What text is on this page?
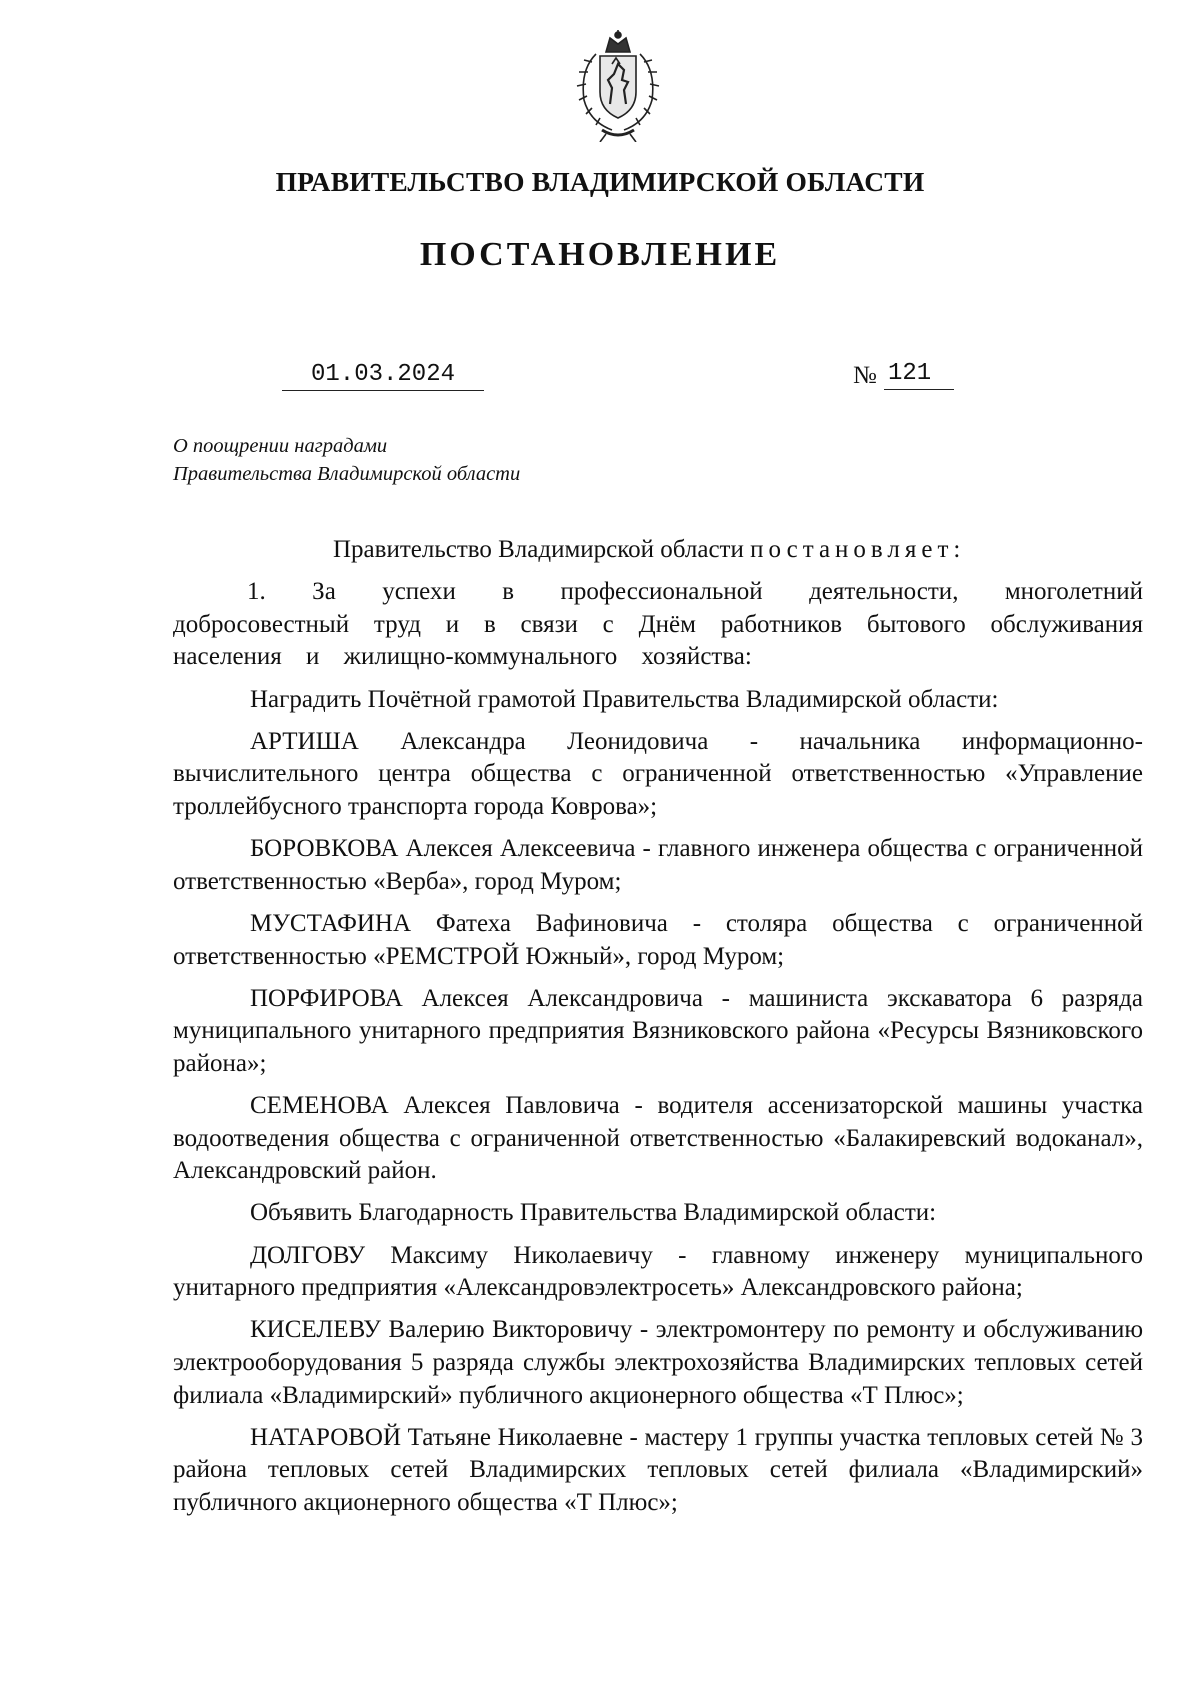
ПРАВИТЕЛЬСТВО ВЛАДИМИРСКОЙ ОБЛАСТИ
ПОСТАНОВЛЕНИЕ
01.03.2024	№ 121
О поощрении наградами
Правительства Владимирской области

Правительство Владимирской области постановляет:

1. За успехи в профессиональной деятельности, многолетний добросовестный труд и в связи с Днём работников бытового обслуживания населения и жилищно-коммунального хозяйства:

Наградить Почётной грамотой Правительства Владимирской области:

АРТИША Александра Леонидовича - начальника информационно-вычислительного центра общества с ограниченной ответственностью «Управление троллейбусного транспорта города Коврова»;

БОРОВКОВА Алексея Алексеевича - главного инженера общества с ограниченной ответственностью «Верба», город Муром;

МУСТАФИНА Фатеха Вафиновича - столяра общества с ограниченной ответственностью «РЕМСТРОЙ Южный», город Муром;

ПОРФИРОВА Алексея Александровича - машиниста экскаватора 6 разряда муниципального унитарного предприятия Вязниковского района «Ресурсы Вязниковского района»;

СЕМЕНОВА Алексея Павловича - водителя ассенизаторской машины участка водоотведения общества с ограниченной ответственностью «Балакиревский водоканал», Александровский район.

Объявить Благодарность Правительства Владимирской области:

ДОЛГОВУ Максиму Николаевичу - главному инженеру муниципального унитарного предприятия «Александровэлектросеть» Александровского района;

КИСЕЛЕВУ Валерию Викторовичу - электромонтеру по ремонту и обслуживанию электрооборудования 5 разряда службы электрохозяйства Владимирских тепловых сетей филиала «Владимирский» публичного акционерного общества «Т Плюс»;

НАТАРОВОЙ Татьяне Николаевне - мастеру 1 группы участка тепловых сетей № 3 района тепловых сетей Владимирских тепловых сетей филиала «Владимирский» публичного акционерного общества «Т Плюс»;
